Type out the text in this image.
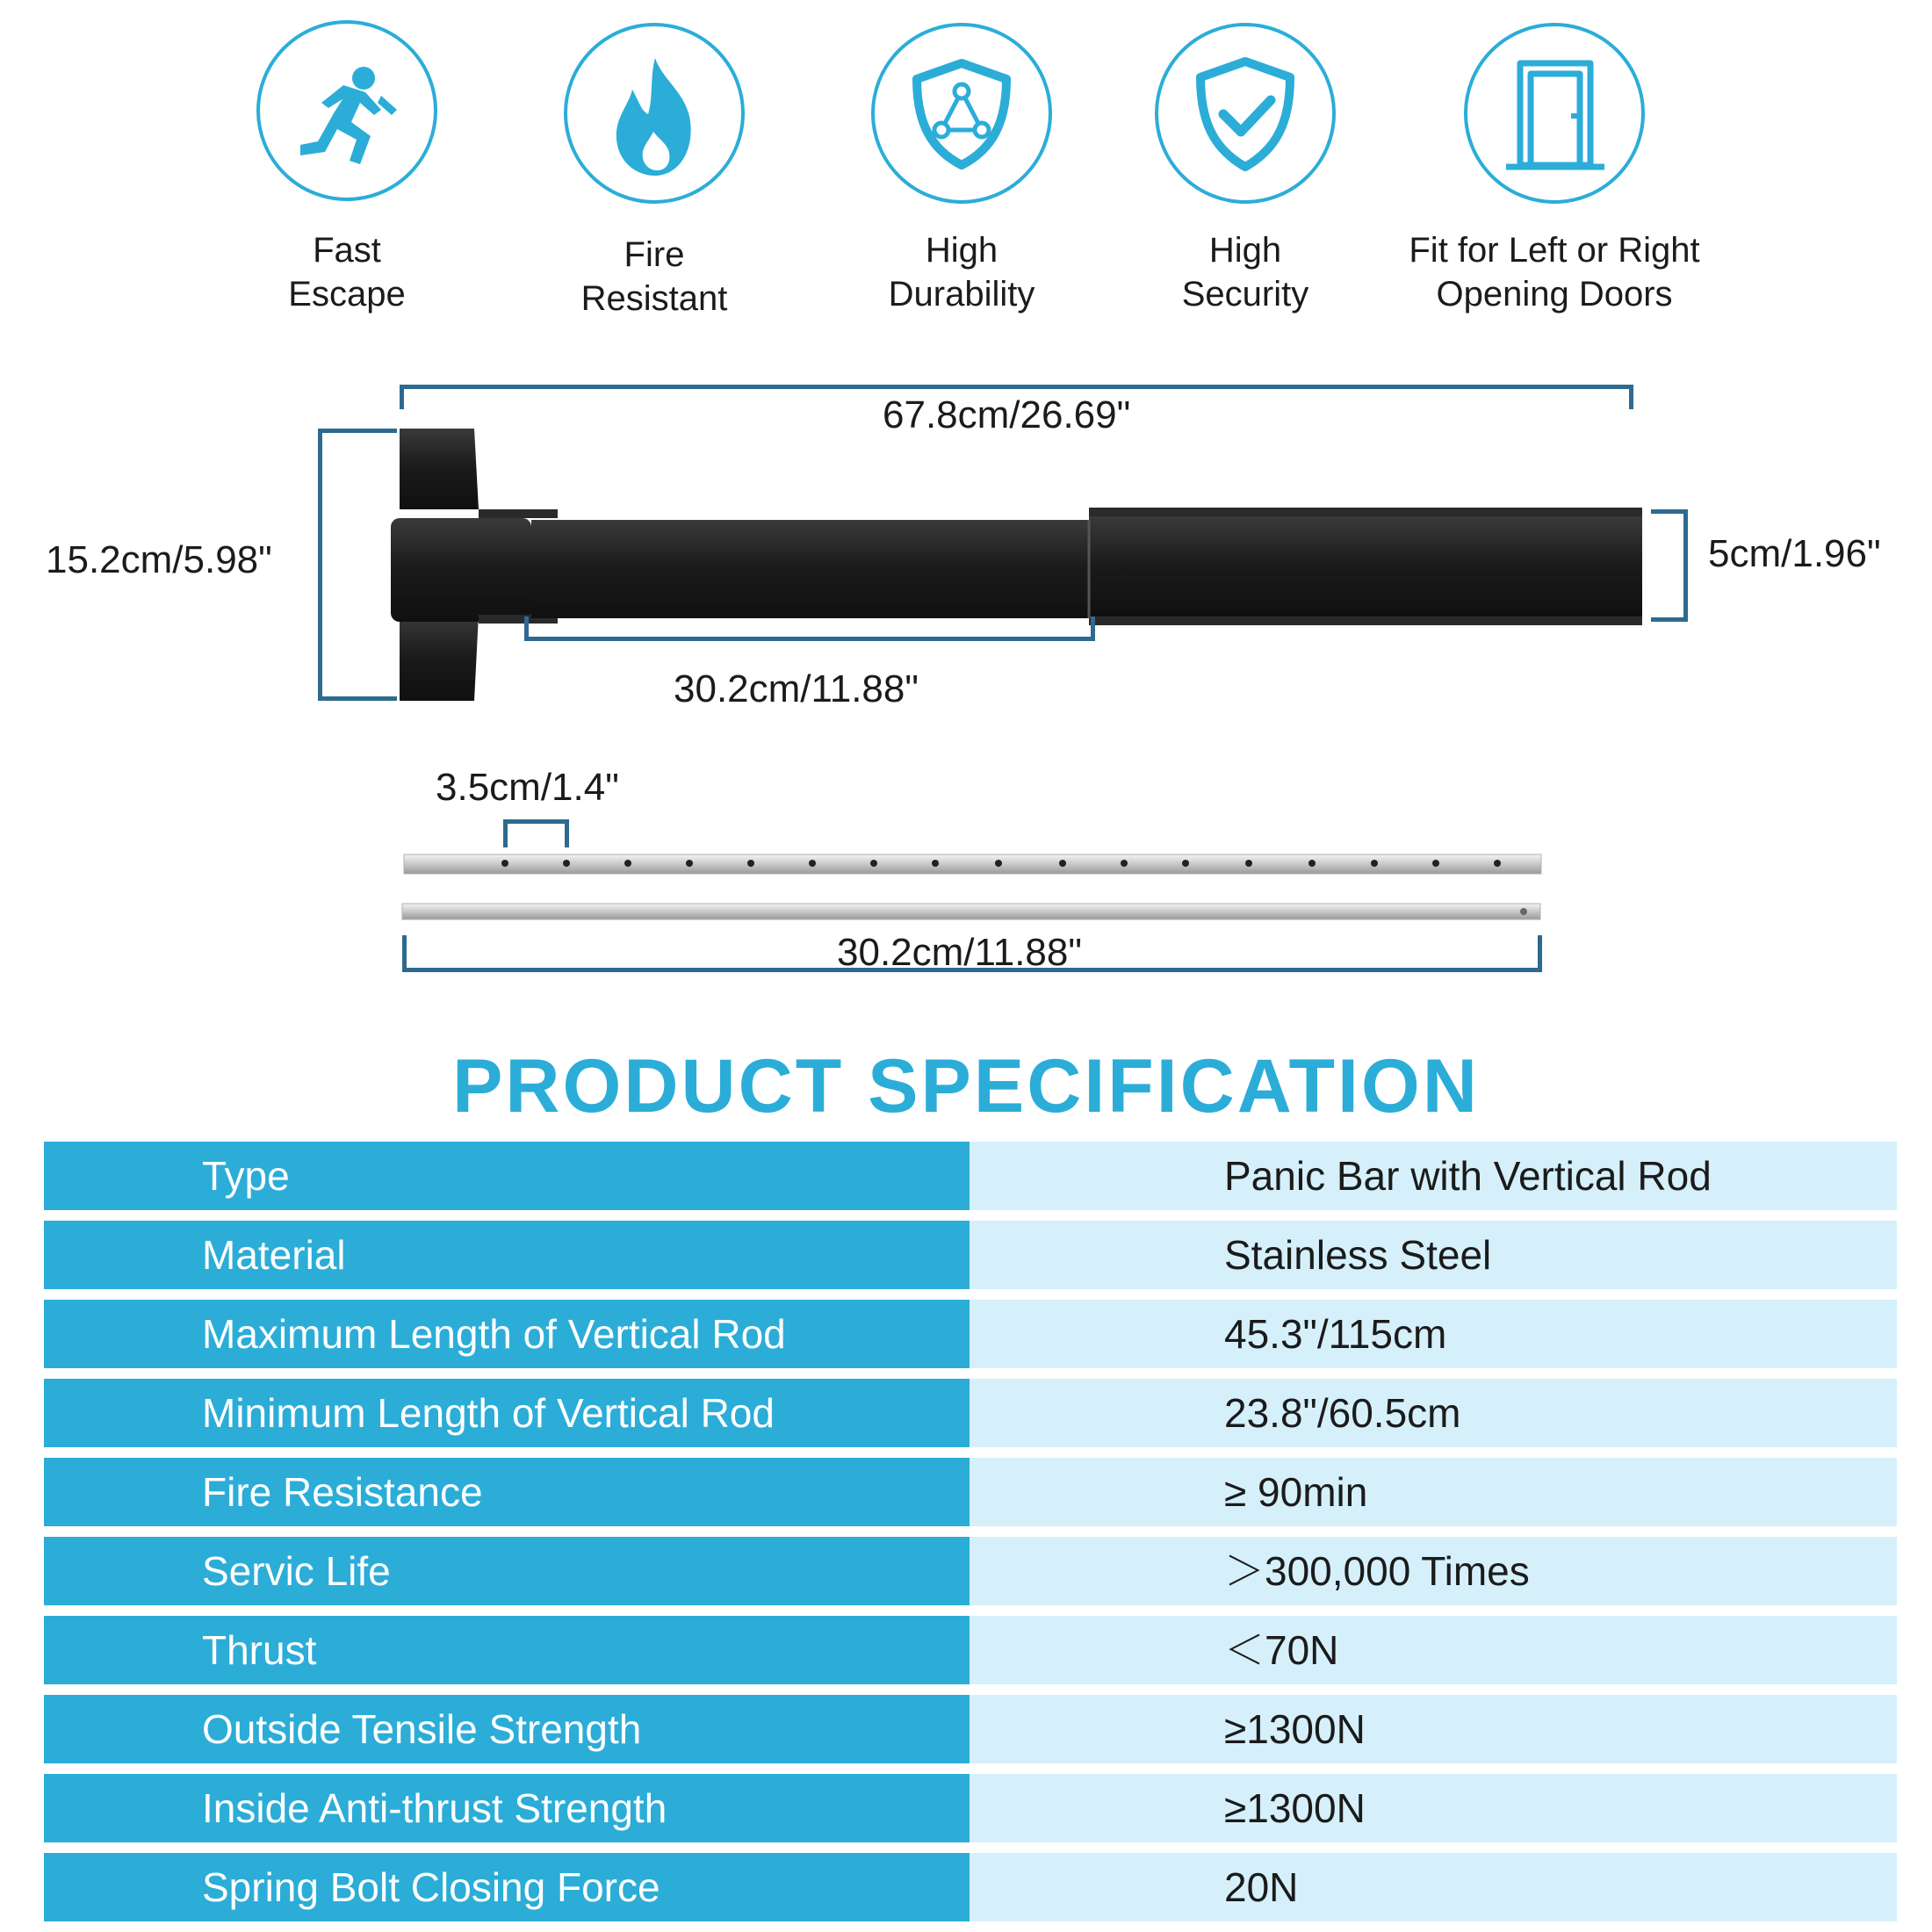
Fast
Escape
Fire
Resistant
High
Durability
High
Security
Fit for Left or Right
Opening Doors
67.8cm/26.69"
15.2cm/5.98"	5cm/1.96"
30.2cm/11.88"
3.5cm/1.4"
30.2cm/11.88"
PRODUCT SPECIFICATION
Type	Panic Bar with Vertical Rod
Material	Stainless Steel
Maximum Length of Vertical Rod	45.3"/115cm
Minimum Length of Vertical Rod	23.8"/60.5cm
Fire Resistance	≥ 90min
Servic Life	＞300,000 Times
Thrust	＜70N
Outside Tensile Strength	≥1300N
Inside Anti-thrust Strength	≥1300N
Spring Bolt Closing Force	20N
